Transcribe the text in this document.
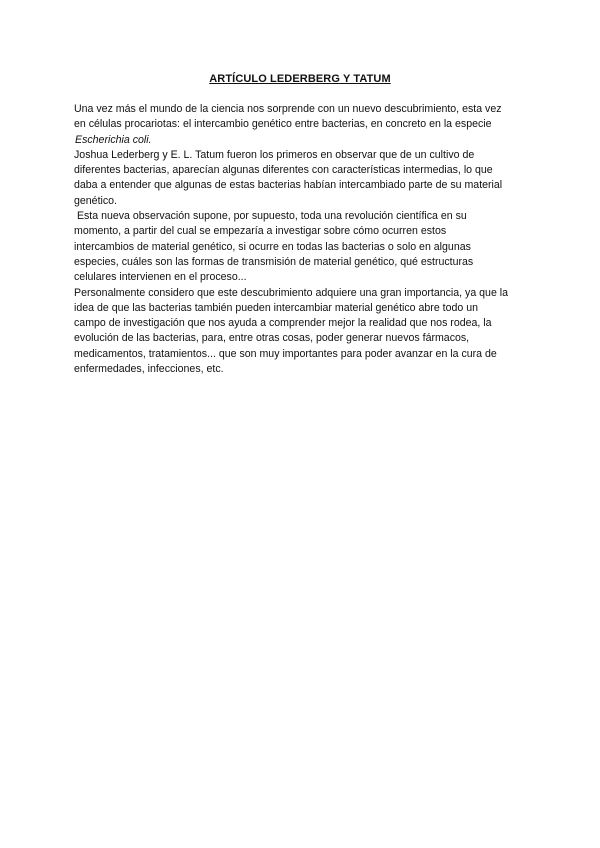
ARTÍCULO LEDERBERG Y TATUM
Una vez más el mundo de la ciencia nos sorprende con un nuevo descubrimiento, esta vez
en células procariotas: el intercambio genético entre bacterias, en concreto en la especie
Escherichia coli.
Joshua Lederberg y E. L. Tatum fueron los primeros en observar que de un cultivo de
diferentes bacterias, aparecían algunas diferentes con características intermedias, lo que
daba a entender que algunas de estas bacterias habían intercambiado parte de su material
genético.
Esta nueva observación supone, por supuesto, toda una revolución científica en su
momento, a partir del cual se empezaría a investigar sobre cómo ocurren estos
intercambios de material genético, si ocurre en todas las bacterias o solo en algunas
especies, cuáles son las formas de transmisión de material genético, qué estructuras
celulares intervienen en el proceso...
Personalmente considero que este descubrimiento adquiere una gran importancia, ya que la
idea de que las bacterias también pueden intercambiar material genético abre todo un
campo de investigación que nos ayuda a comprender mejor la realidad que nos rodea, la
evolución de las bacterias, para, entre otras cosas, poder generar nuevos fármacos,
medicamentos, tratamientos... que son muy importantes para poder avanzar en la cura de
enfermedades, infecciones, etc.
